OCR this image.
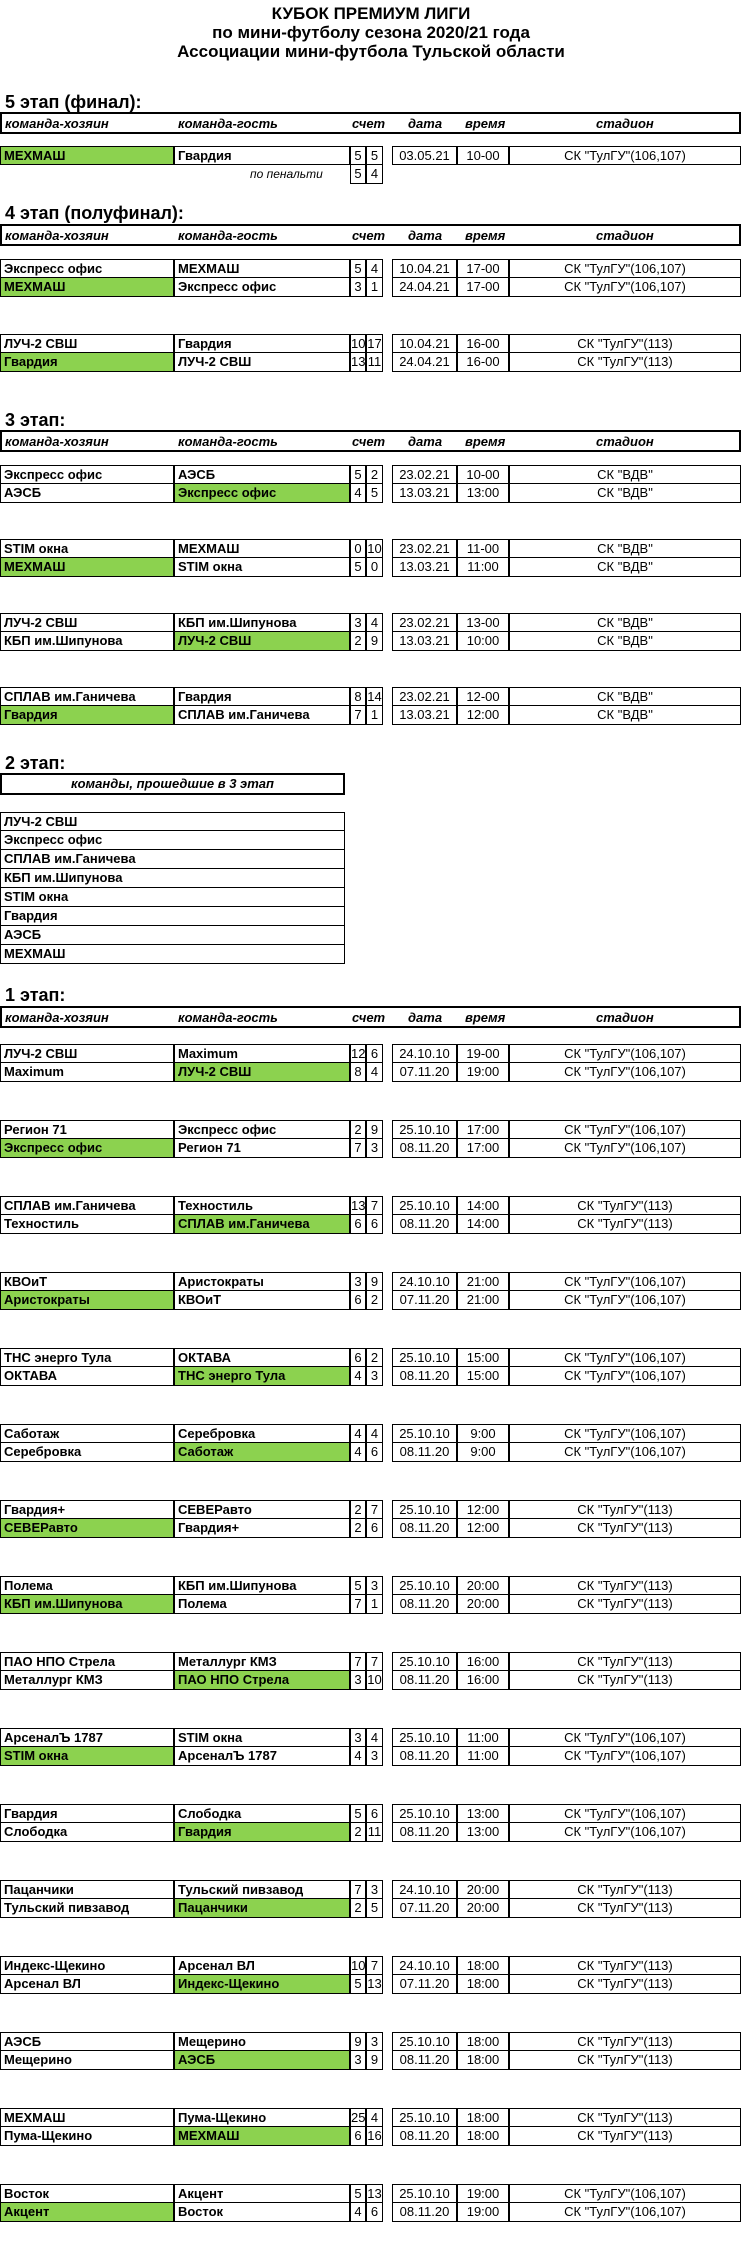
КУБОК ПРЕМИУМ ЛИГИ
по мини-футболу сезона 2020/21 года
Ассоциации мини-футбола Тульской области
5 этап (финал):
команда-хозяин	команда-гость	счет дата время	стадион
МЕХМАШ	Гвардия	5 5	03.05.21	10-00	СК "ТулГУ"(106,107)
по пенальти	5 4
4 этап (полуфинал):
команда-хозяин	команда-гость	счет дата время	стадион
Экспресс офис	МЕХМАШ	5 4	10.04.21	17-00	СК "ТулГУ"(106,107)
МЕХМАШ	Экспресс офис	3 1	24.04.21	17-00	СК "ТулГУ"(106,107)
ЛУЧ-2 СВШ	Гвардия	10 17	10.04.21	16-00	СК "ТулГУ"(113)
Гвардия	ЛУЧ-2 СВШ	13 11	24.04.21	16-00	СК "ТулГУ"(113)
3 этап:
команда-хозяин	команда-гость	счет дата время	стадион
Экспресс офис	АЭСБ	5 2	23.02.21	10-00	СК "ВДВ"
АЭСБ	Экспресс офис	4 5	13.03.21	13:00	СК "ВДВ"
STIM окна	МЕХМАШ	0 10	23.02.21	11-00	СК "ВДВ"
МЕХМАШ	STIM окна	5 0	13.03.21	11:00	СК "ВДВ"
ЛУЧ-2 СВШ	КБП им.Шипунова	3 4	23.02.21	13-00	СК "ВДВ"
КБП им.Шипунова	ЛУЧ-2 СВШ	2 9	13.03.21	10:00	СК "ВДВ"
СПЛАВ им.Ганичева	Гвардия	8 14	23.02.21	12-00	СК "ВДВ"
Гвардия	СПЛАВ им.Ганичева	7 1	13.03.21	12:00	СК "ВДВ"
2 этап:
команды, прошедшие в 3 этап
ЛУЧ-2 СВШ
Экспресс офис
СПЛАВ им.Ганичева
КБП им.Шипунова
STIM окна
Гвардия
АЭСБ
МЕХМАШ
1 этап:
команда-хозяин	команда-гость	счет дата время	стадион
ЛУЧ-2 СВШ	Maximum	12 6	24.10.10	19-00	СК "ТулГУ"(106,107)
Maximum	ЛУЧ-2 СВШ	8 4	07.11.20	19:00	СК "ТулГУ"(106,107)
Регион 71	Экспресс офис	2 9	25.10.10	17:00	СК "ТулГУ"(106,107)
Экспресс офис	Регион 71	7 3	08.11.20	17:00	СК "ТулГУ"(106,107)
СПЛАВ им.Ганичева	Техностиль	13 7	25.10.10	14:00	СК "ТулГУ"(113)
Техностиль	СПЛАВ им.Ганичева	6 6	08.11.20	14:00	СК "ТулГУ"(113)
КВОиТ	Аристократы	3 9	24.10.10	21:00	СК "ТулГУ"(106,107)
Аристократы	КВОиТ	6 2	07.11.20	21:00	СК "ТулГУ"(106,107)
ТНС энерго Тула	ОКТАВА	6 2	25.10.10	15:00	СК "ТулГУ"(106,107)
ОКТАВА	ТНС энерго Тула	4 3	08.11.20	15:00	СК "ТулГУ"(106,107)
Саботаж	Серебровка	4 4	25.10.10	9:00	СК "ТулГУ"(106,107)
Серебровка	Саботаж	4 6	08.11.20	9:00	СК "ТулГУ"(106,107)
Гвардия+	СЕВЕРавто	2 7	25.10.10	12:00	СК "ТулГУ"(113)
СЕВЕРавто	Гвардия+	2 6	08.11.20	12:00	СК "ТулГУ"(113)
Полема	КБП им.Шипунова	5 3	25.10.10	20:00	СК "ТулГУ"(113)
КБП им.Шипунова	Полема	7 1	08.11.20	20:00	СК "ТулГУ"(113)
ПАО НПО Стрела	Металлург КМЗ	7 7	25.10.10	16:00	СК "ТулГУ"(113)
Металлург КМЗ	ПАО НПО Стрела	3 10	08.11.20	16:00	СК "ТулГУ"(113)
АрсеналЪ 1787	STIM окна	3 4	25.10.10	11:00	СК "ТулГУ"(106,107)
STIM окна	АрсеналЪ 1787	4 3	08.11.20	11:00	СК "ТулГУ"(106,107)
Гвардия	Слободка	5 6	25.10.10	13:00	СК "ТулГУ"(106,107)
Слободка	Гвардия	2 11	08.11.20	13:00	СК "ТулГУ"(106,107)
Пацанчики	Тульский пивзавод	7 3	24.10.10	20:00	СК "ТулГУ"(113)
Тульский пивзавод	Пацанчики	2 5	07.11.20	20:00	СК "ТулГУ"(113)
Индекс-Щекино	Арсенал ВЛ	10 7	24.10.10	18:00	СК "ТулГУ"(113)
Арсенал ВЛ	Индекс-Щекино	5 13	07.11.20	18:00	СК "ТулГУ"(113)
АЭСБ	Мещерино	9 3	25.10.10	18:00	СК "ТулГУ"(113)
Мещерино	АЭСБ	3 9	08.11.20	18:00	СК "ТулГУ"(113)
МЕХМАШ	Пума-Щекино	25 4	25.10.10	18:00	СК "ТулГУ"(113)
Пума-Щекино	МЕХМАШ	6 16	08.11.20	18:00	СК "ТулГУ"(113)
Восток	Акцент	5 13	25.10.10	19:00	СК "ТулГУ"(106,107)
Акцент	Восток	4 6	08.11.20	19:00	СК "ТулГУ"(106,107)
